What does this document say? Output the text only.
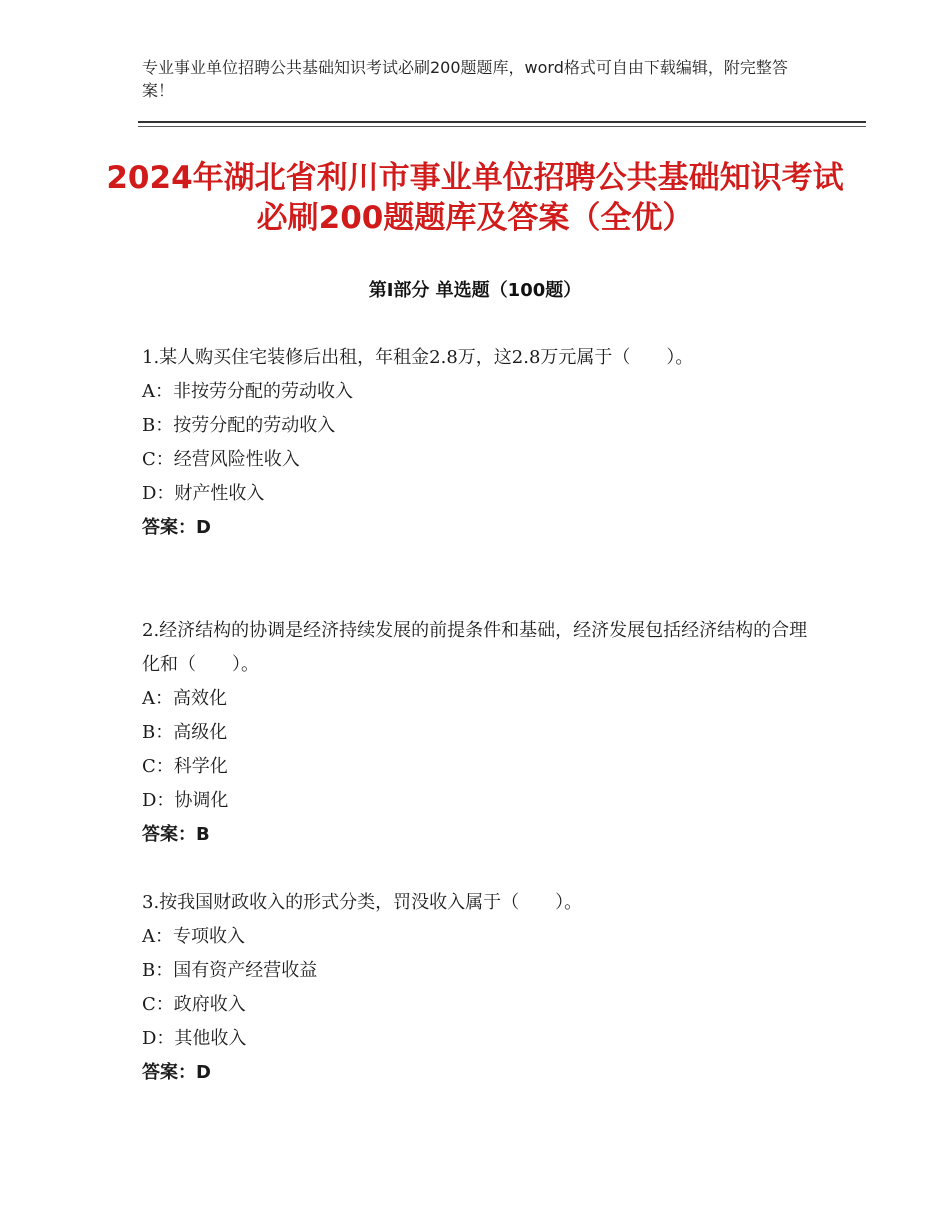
专业事业单位招聘公共基础知识考试必刷200题题库，word格式可自由下载编辑，附完整答案！
2024年湖北省利川市事业单位招聘公共基础知识考试必刷200题题库及答案（全优）
第Ⅰ部分 单选题（100题）

1.某人购买住宅装修后出租，年租金2.8万，这2.8万元属于（　　）。

A：非按劳分配的劳动收入

B：按劳分配的劳动收入

C：经营风险性收入

D：财产性收入

答案：D

2.经济结构的协调是经济持续发展的前提条件和基础，经济发展包括经济结构的合理化和（　　）。

A：高效化

B：高级化

C：科学化

D：协调化

答案：B

3.按我国财政收入的形式分类，罚没收入属于（　　）。

A：专项收入

B：国有资产经营收益

C：政府收入

D：其他收入

答案：D
